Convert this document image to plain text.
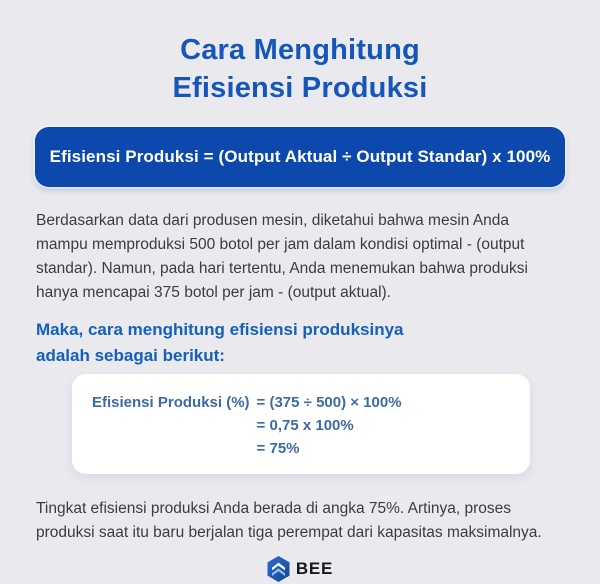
Cara Menghitung
Efisiensi Produksi
Efisiensi Produksi = (Output Aktual ÷ Output Standar) x 100%

Berdasarkan data dari produsen mesin, diketahui bahwa mesin Anda mampu memproduksi 500 botol per jam dalam kondisi optimal - (output standar). Namun, pada hari tertentu, Anda menemukan bahwa produksi hanya mencapai 375 botol per jam - (output aktual).

Maka, cara menghitung efisiensi produksinya
adalah sebagai berikut:
Efisiensi Produksi (%) = (375 ÷ 500) × 100%
= 0,75 x 100%
= 75%

Tingkat efisiensi produksi Anda berada di angka 75%. Artinya, proses produksi saat itu baru berjalan tiga perempat dari kapasitas maksimalnya.

BEE
